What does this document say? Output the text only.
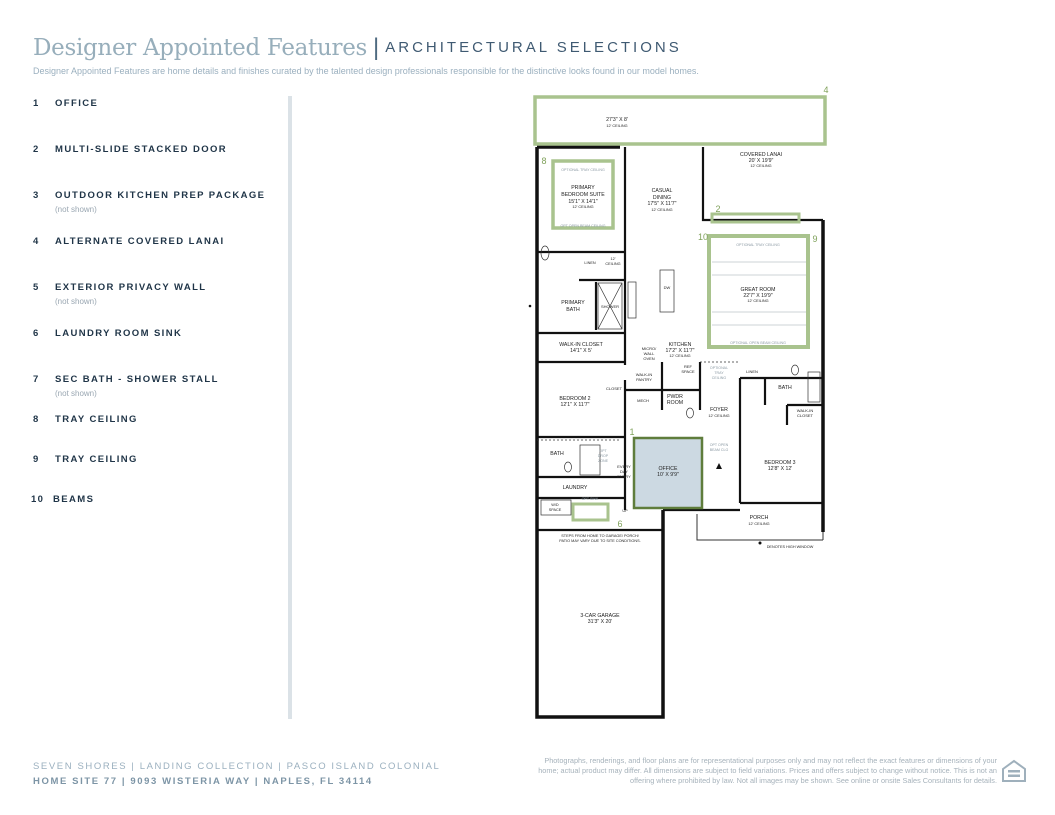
Designer Appointed Features | ARCHITECTURAL SELECTIONS
Designer Appointed Features are home details and finishes curated by the talented design professionals responsible for the distinctive looks found in our model homes.
1 OFFICE
2 MULTI-SLIDE STACKED DOOR
3 OUTDOOR KITCHEN PREP PACKAGE
(not shown)
4 ALTERNATE COVERED LANAI
5 EXTERIOR PRIVACY WALL
(not shown)
6 LAUNDRY ROOM SINK
7 SEC BATH - SHOWER STALL
(not shown)
8 TRAY CEILING
9 TRAY CEILING
10 BEAMS
27'3" X 8'
12' CEILING
COVERED LANAI
20' X 19'9"
12' CEILING
OPTIONAL TRAY CEILING
PRIMARY
BEDROOM SUITE
15'1" X 14'1"
12' CEILING
OPT OPEN BEAM CEILING
CASUAL
DINING
17'5" X 11'7"
12' CEILING
OPTIONAL TRAY CEILING
GREAT ROOM
22'7" X 19'9"
12' CEILING
OPTIONAL OPEN BEAM CEILING
LINEN
12'
CEILING
PRIMARY
BATH
SHOWER
DW
WALK-IN CLOSET
14'1" X 5'	MICRO/
WALL
OVEN
KITCHEN
17'2" X 11'7"
12' CEILING
REF
SPACE
OPTIONAL
TRAY
CEILING
LINEN
BATH
WALK-IN
PANTRY
CLOSET
BEDROOM 2
12'1" X 11'7"
MECH
PWDR
ROOM
FOYER
12' CEILING
WALK-IN
CLOSET
OPT OPEN
BEAM CLG
BATH	OPT
DROP
ZONE
EVERY
DAY
ENTRY
OFFICE
10' X 9'9"
BEDROOM 3
12'8" X 12'
LAUNDRY
OPT SINK
W/D
SPACE	UP
PORCH
12' CEILING
STEPS FROM HOME TO GARAGE/ PORCH/
PATIO MAY VARY DUE TO SITE CONDITIONS.
DENOTES HIGH WINDOW
3-CAR GARAGE
31'3" X 20'
1
2
4
6
8
9
10
SEVEN SHORES | LANDING COLLECTION | PASCO ISLAND COLONIAL
HOME SITE 77 | 9093 WISTERIA WAY | NAPLES, FL 34114
Photographs, renderings, and floor plans are for representational purposes only and may not reflect the exact features or dimensions of your home; actual product may differ. All dimensions are subject to field variations. Prices and offers subject to change without notice. This is not an offering where prohibited by law. Not all images may be shown. See online or onsite Sales Consultants for details.
